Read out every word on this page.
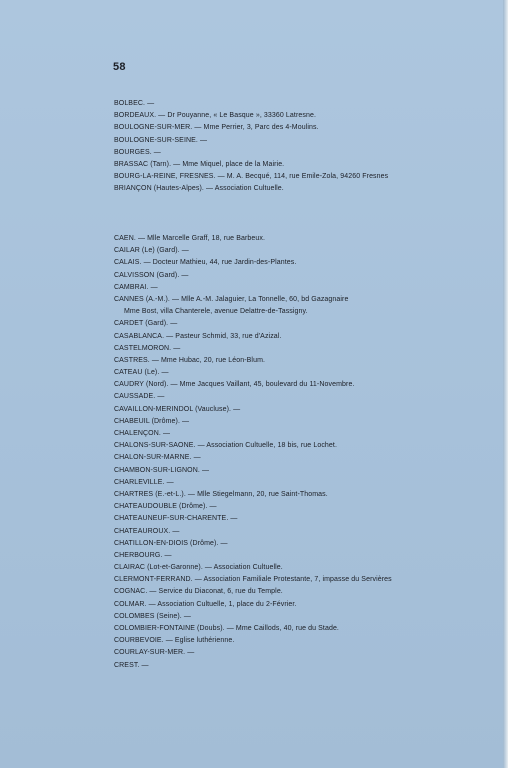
58
BOLBEC. —
BORDEAUX. — Dr Pouyanne, « Le Basque », 33360 Latresne.
BOULOGNE-SUR-MER. — Mme Perrier, 3, Parc des 4-Moulins.
BOULOGNE-SUR-SEINE. —
BOURGES. —
BRASSAC (Tarn). — Mme Miquel, place de la Mairie.
BOURG-LA-REINE, FRESNES. — M. A. Becqué, 114, rue Emile-Zola, 94260 Fresnes
BRIANÇON (Hautes-Alpes). — Association Cultuelle.
CAEN. — Mlle Marcelle Graff, 18, rue Barbeux.
CAILAR (Le) (Gard). —
CALAIS. — Docteur Mathieu, 44, rue Jardin-des-Plantes.
CALVISSON (Gard). —
CAMBRAI. —
CANNES (A.-M.). — Mlle A.-M. Jalaguier, La Tonnelle, 60, bd Gazagnaire
Mme Bost, villa Chanterele, avenue Delattre-de-Tassigny.
CARDET (Gard). —
CASABLANCA. — Pasteur Schmid, 33, rue d'Azizal.
CASTELMORON. —
CASTRES. — Mme Hubac, 20, rue Léon-Blum.
CATEAU (Le). —
CAUDRY (Nord). — Mme Jacques Vaillant, 45, boulevard du 11-Novembre.
CAUSSADE. —
CAVAILLON-MERINDOL (Vaucluse). —
CHABEUIL (Drôme). —
CHALENÇON. —
CHALONS-SUR-SAONE. — Association Cultuelle, 18 bis, rue Lochet.
CHALON-SUR-MARNE. —
CHAMBON-SUR-LIGNON. —
CHARLEVILLE. —
CHARTRES (E.-et-L.). — Mlle Stiegelmann, 20, rue Saint-Thomas.
CHATEAUDOUBLE (Drôme). —
CHATEAUNEUF-SUR-CHARENTE. —
CHATEAUROUX. —
CHATILLON-EN-DIOIS (Drôme). —
CHERBOURG. —
CLAIRAC (Lot-et-Garonne). — Association Cultuelle.
CLERMONT-FERRAND. — Association Familiale Protestante, 7, impasse du Servières
COGNAC. — Service du Diaconat, 6, rue du Temple.
COLMAR. — Association Cultuelle, 1, place du 2-Février.
COLOMBES (Seine). —
COLOMBIER-FONTAINE (Doubs). — Mme Caillods, 40, rue du Stade.
COURBEVOIE. — Eglise luthérienne.
COURLAY-SUR-MER. —
CREST. —
